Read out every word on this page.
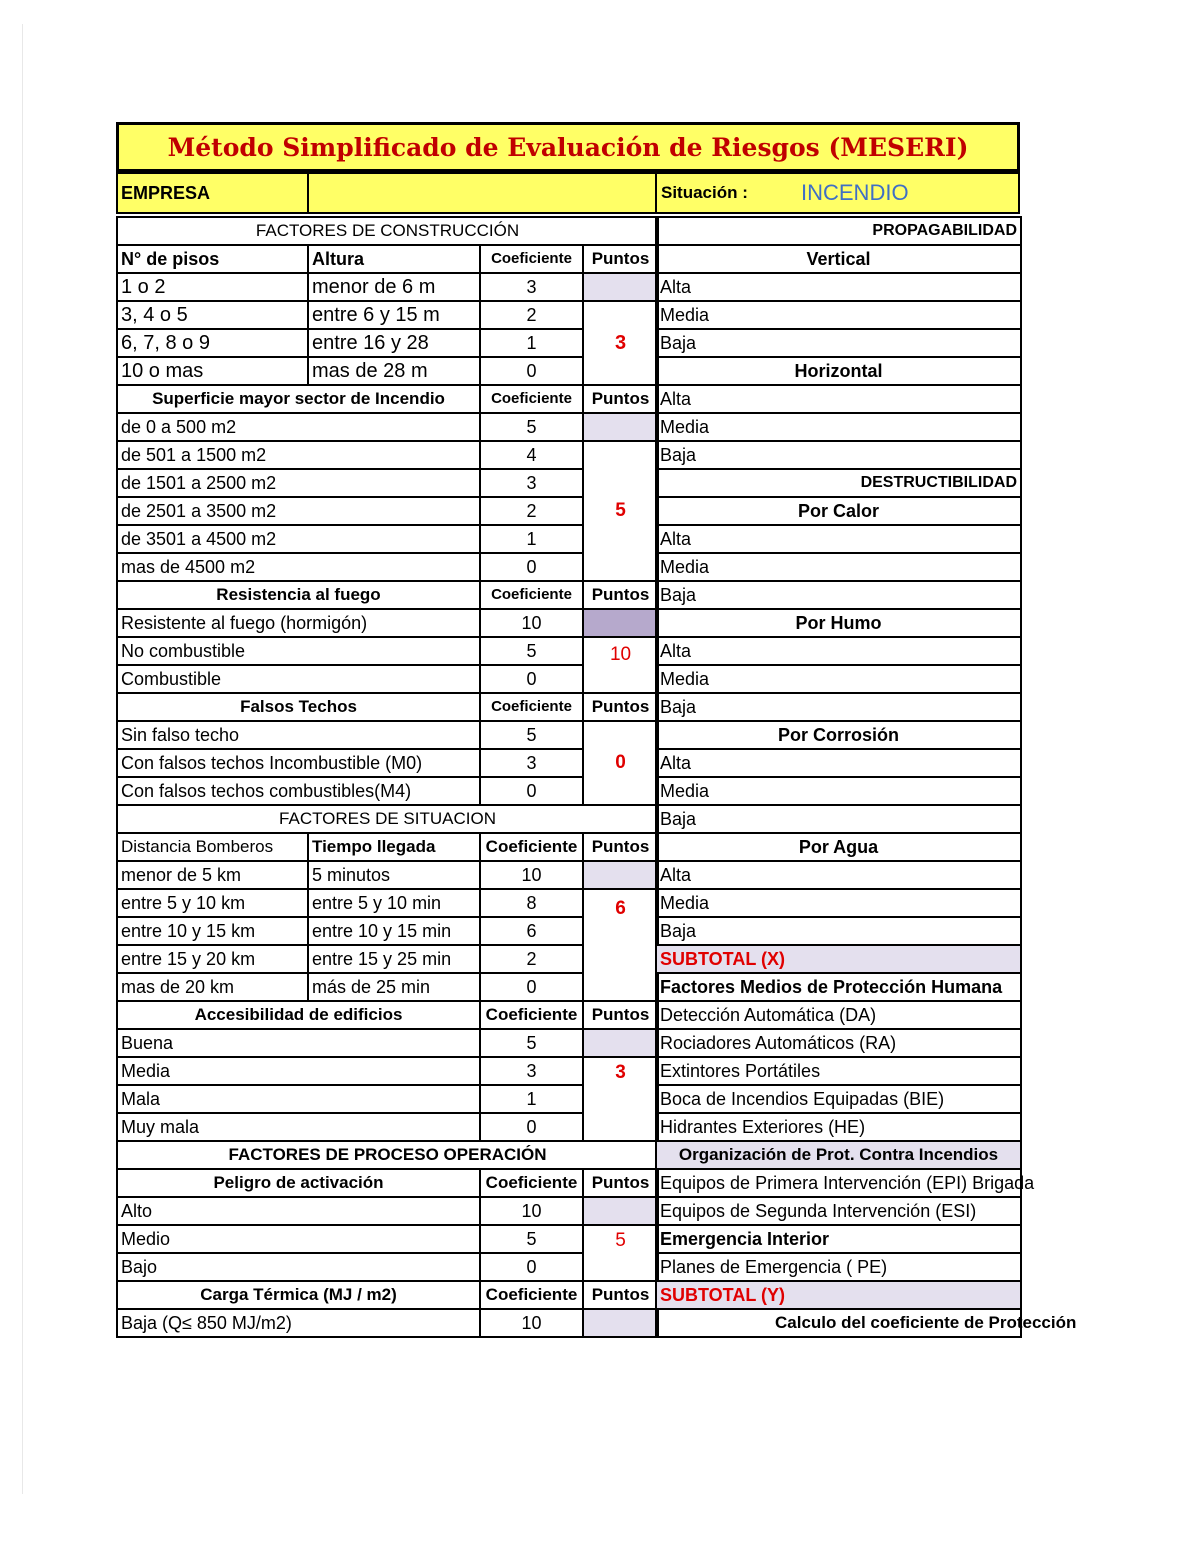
Método Simplificado de Evaluación de Riesgos (MESERI)
EMPRESA	Situación :	INCENDIO
FACTORES DE CONSTRUCCIÓN			
N° de pisos	Altura	Coeficiente	Puntos
1 o 2	menor de 6 m	3	
3, 4 o 5	entre 6 y 15 m	2	3
6, 7, 8 o 9	entre 16 y 28	1	
10 o mas	mas de 28 m	0	
Superficie mayor sector de Incendio		Coeficiente	Puntos
de 0 a 500 m2		5	
de 501 a 1500 m2		4	5
de 1501 a 2500 m2		3	
de 2501 a 3500 m2		2	
de 3501 a 4500 m2		1	
mas de 4500 m2		0	
Resistencia al fuego		Coeficiente	Puntos
Resistente al fuego (hormigón)		10	
No combustible		5	10
Combustible		0	
Falsos Techos		Coeficiente	Puntos
Sin falso techo		5	0
Con falsos techos Incombustible (M0)		3	
Con falsos techos combustibles(M4)		0	
FACTORES DE SITUACION			
Distancia Bomberos	Tiempo llegada	Coeficiente	Puntos
menor de 5 km	5 minutos	10	
entre 5 y 10 km	entre 5 y 10 min	8	6
entre 10 y 15 km	entre 10 y 15 min	6	
entre 15 y 20 km	entre 15 y 25 min	2	
mas de 20 km	más de 25 min	0	
Accesibilidad de edificios		Coeficiente	Puntos
Buena		5	
Media		3	3
Mala		1	
Muy mala		0	
FACTORES DE PROCESO OPERACIÓN			
Peligro de activación		Coeficiente	Puntos
Alto		10	
Medio		5	5
Bajo		0	
Carga Térmica (MJ / m2)		Coeficiente	Puntos
Baja (Q≤ 850 MJ/m2)		10	
PROPAGABILIDAD
Vertical
Alta
Media
Baja
Horizontal
Alta
Media
Baja
DESTRUCTIBILIDAD
Por Calor
Alta
Media
Baja
Por Humo
Alta
Media
Baja
Por Corrosión
Alta
Media
Baja
Por Agua
Alta
Media
Baja
SUBTOTAL (X)
Factores Medios de Protección Humana
Detección Automática (DA)
Rociadores Automáticos (RA)
Extintores Portátiles
Boca de Incendios Equipadas (BIE)
Hidrantes Exteriores (HE)
Organización de Prot. Contra Incendios
Equipos de Primera Intervención (EPI) Brigada
Equipos de Segunda Intervención (ESI)
Emergencia Interior
Planes de Emergencia ( PE)
SUBTOTAL (Y)
Calculo del coeficiente de Protección
